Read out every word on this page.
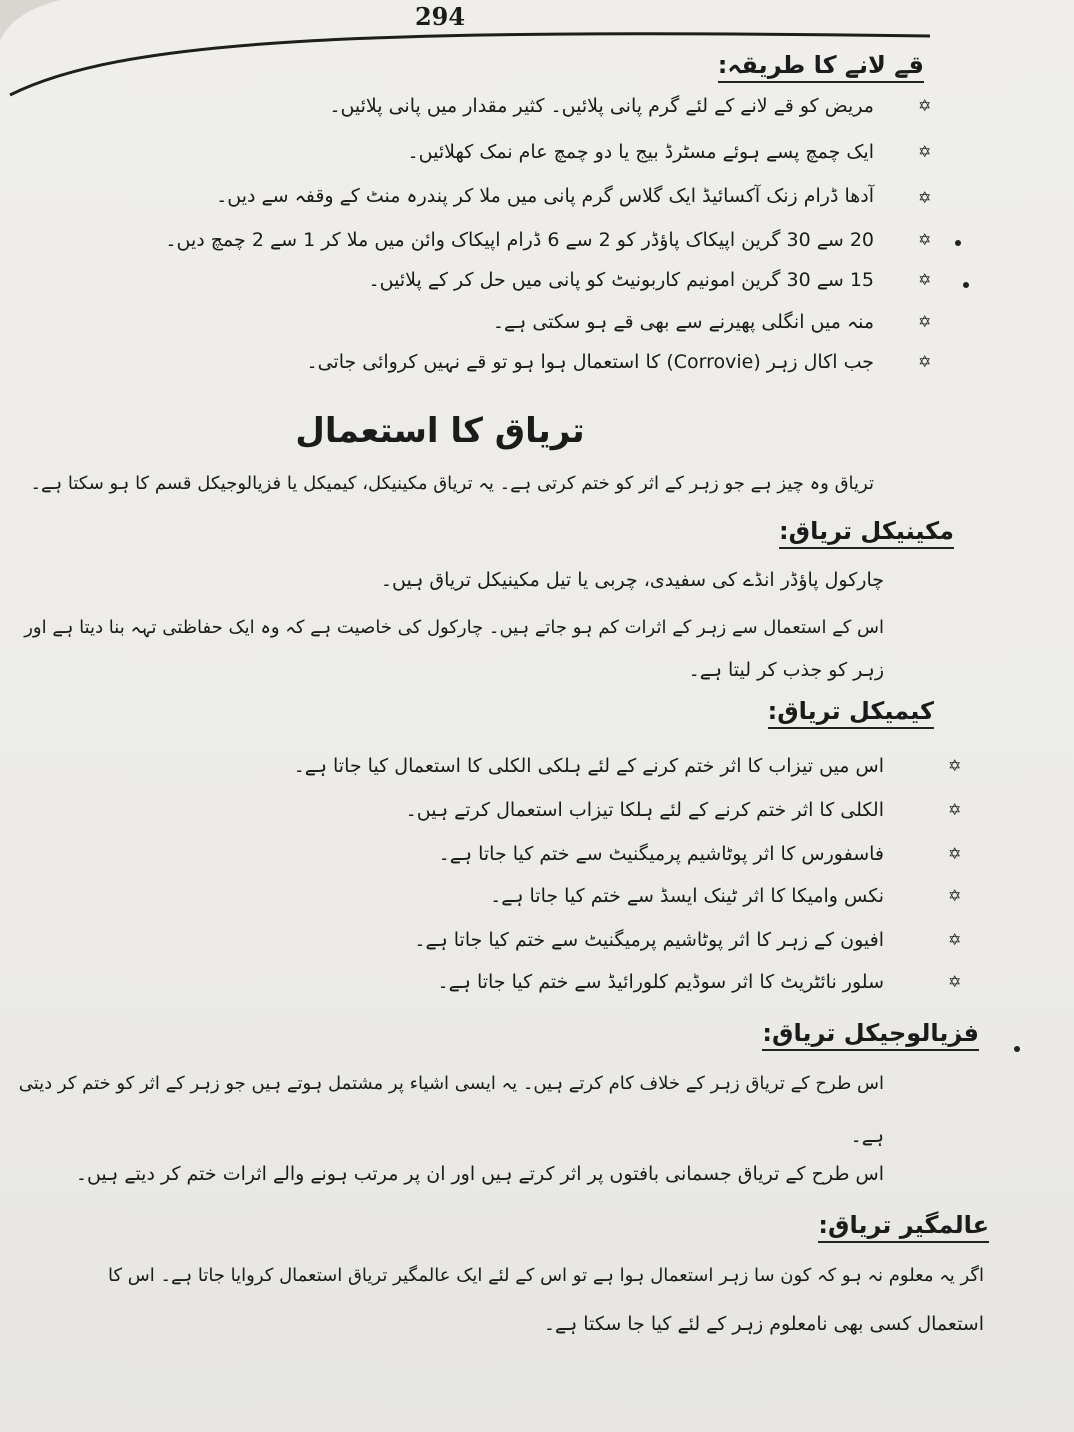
294
قے لانے کا طریقہ:
✡
مریض کو قے لانے کے لئے گرم پانی پلائیں۔ کثیر مقدار میں پانی پلائیں۔
✡
ایک چمچ پسے ہوئے مسٹرڈ بیج یا دو چمچ عام نمک کھلائیں۔
✡
آدھا ڈرام زنک آکسائیڈ ایک گلاس گرم پانی میں ملا کر پندرہ منٹ کے وقفہ سے دیں۔
✡
20 سے 30 گرین اپیکاک پاؤڈر کو 2 سے 6 ڈرام اپیکاک وائن میں ملا کر 1 سے 2 چمچ دیں۔
✡
15 سے 30 گرین امونیم کاربونیٹ کو پانی میں حل کر کے پلائیں۔
✡
منہ میں انگلی پھیرنے سے بھی قے ہو سکتی ہے۔
✡
جب اکال زہر (Corrovie) کا استعمال ہوا ہو تو قے نہیں کروائی جاتی۔
تریاق کا استعمال
تریاق وہ چیز ہے جو زہر کے اثر کو ختم کرتی ہے۔ یہ تریاق مکینیکل، کیمیکل یا فزیالوجیکل قسم کا ہو سکتا ہے۔
مکینیکل تریاق:
چارکول پاؤڈر انڈے کی سفیدی، چربی یا تیل مکینیکل تریاق ہیں۔
اس کے استعمال سے زہر کے اثرات کم ہو جاتے ہیں۔ چارکول کی خاصیت ہے کہ وہ ایک حفاظتی تہہ بنا دیتا ہے اور
زہر کو جذب کر لیتا ہے۔
کیمیکل تریاق:
✡
اس میں تیزاب کا اثر ختم کرنے کے لئے ہلکی الکلی کا استعمال کیا جاتا ہے۔
✡
الکلی کا اثر ختم کرنے کے لئے ہلکا تیزاب استعمال کرتے ہیں۔
✡
فاسفورس کا اثر پوٹاشیم پرمیگنیٹ سے ختم کیا جاتا ہے۔
✡
نکس وامیکا کا اثر ٹینک ایسڈ سے ختم کیا جاتا ہے۔
✡
افیون کے زہر کا اثر پوٹاشیم پرمیگنیٹ سے ختم کیا جاتا ہے۔
✡
سلور نائٹریٹ کا اثر سوڈیم کلورائیڈ سے ختم کیا جاتا ہے۔
فزیالوجیکل تریاق:
اس طرح کے تریاق زہر کے خلاف کام کرتے ہیں۔ یہ ایسی اشیاء پر مشتمل ہوتے ہیں جو زہر کے اثر کو ختم کر دیتی
ہے۔
اس طرح کے تریاق جسمانی بافتوں پر اثر کرتے ہیں اور ان پر مرتب ہونے والے اثرات ختم کر دیتے ہیں۔
عالمگیر تریاق:
اگر یہ معلوم نہ ہو کہ کون سا زہر استعمال ہوا ہے تو اس کے لئے ایک عالمگیر تریاق استعمال کروایا جاتا ہے۔ اس کا
استعمال کسی بھی نامعلوم زہر کے لئے کیا جا سکتا ہے۔
